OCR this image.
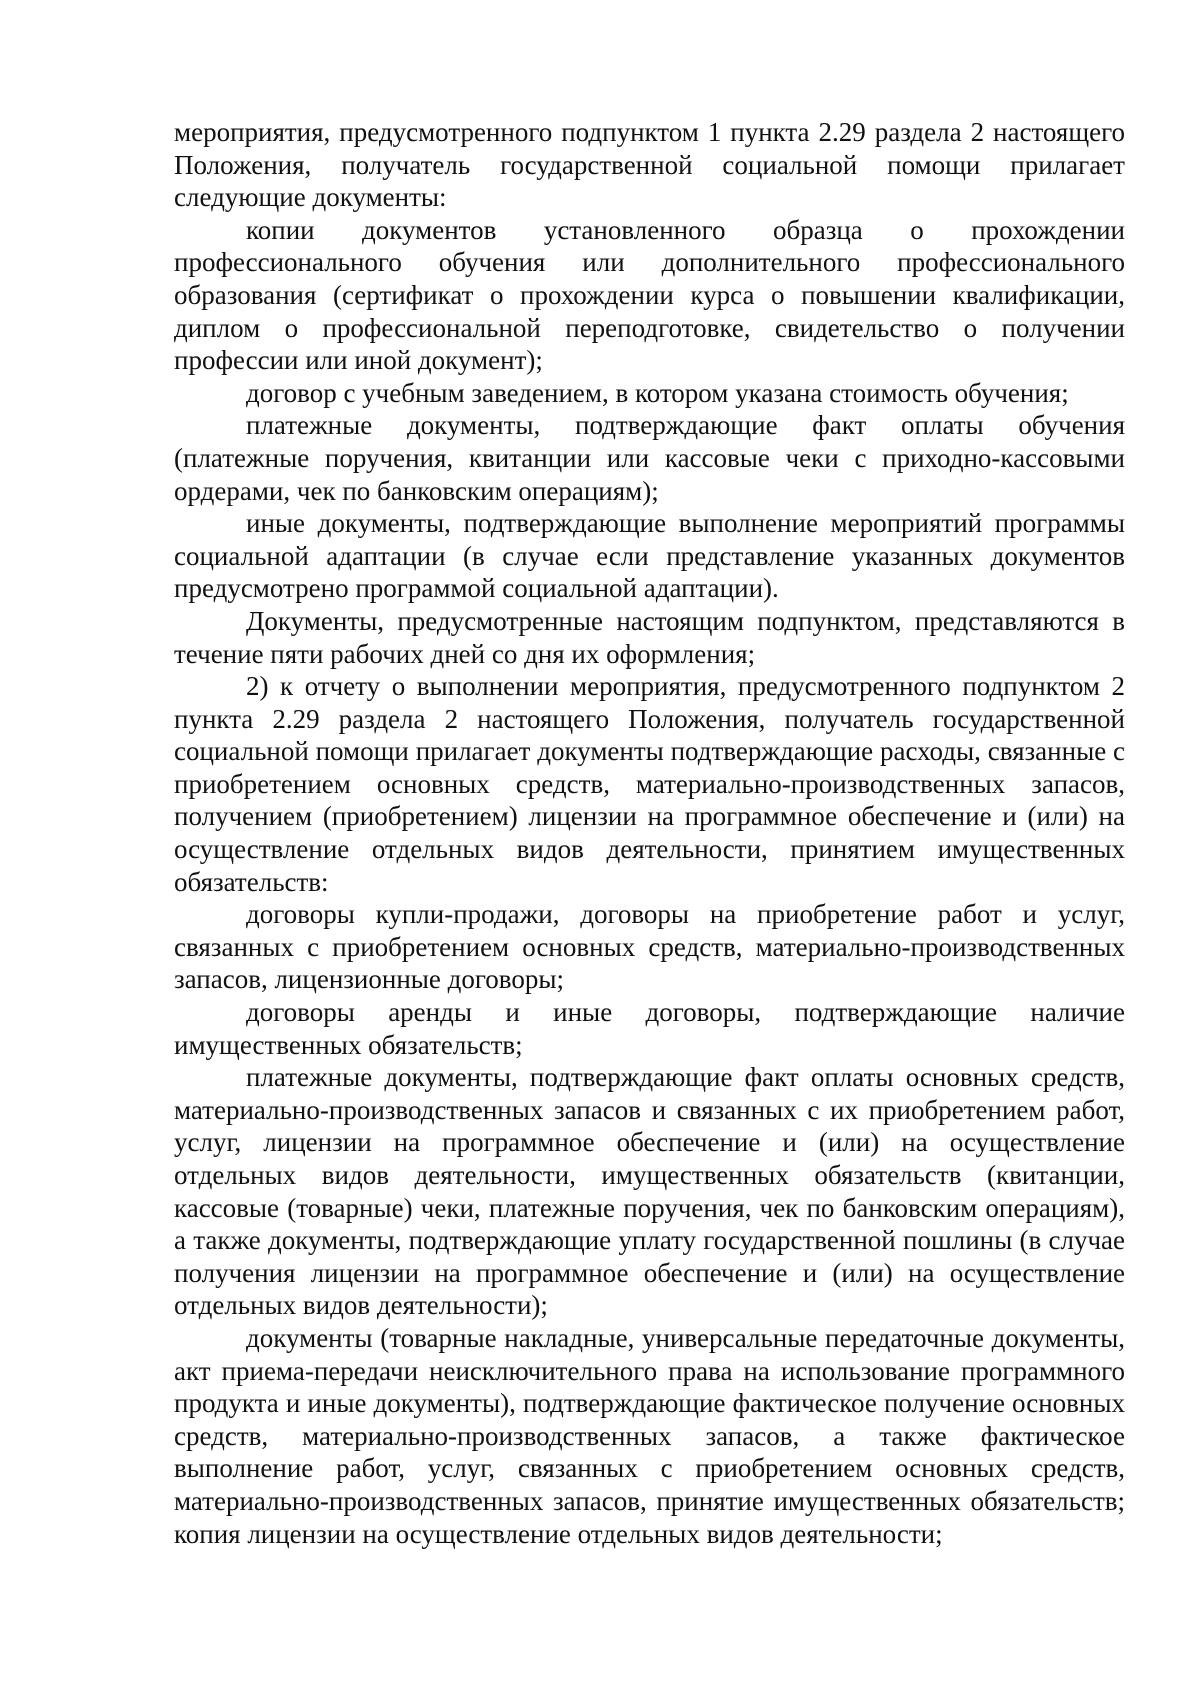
мероприятия, предусмотренного подпунктом 1 пункта 2.29 раздела 2 настоящего Положения, получатель государственной социальной помощи прилагает следующие документы:

копии документов установленного образца о прохождении профессионального обучения или дополнительного профессионального образования (сертификат о прохождении курса о повышении квалификации, диплом о профессиональной переподготовке, свидетельство о получении профессии или иной документ);

договор с учебным заведением, в котором указана стоимость обучения;

платежные документы, подтверждающие факт оплаты обучения (платежные поручения, квитанции или кассовые чеки с приходно-кассовыми ордерами, чек по банковским операциям);

иные документы, подтверждающие выполнение мероприятий программы социальной адаптации (в случае если представление указанных документов предусмотрено программой социальной адаптации).

Документы, предусмотренные настоящим подпунктом, представляются в течение пяти рабочих дней со дня их оформления;

2) к отчету о выполнении мероприятия, предусмотренного подпунктом 2 пункта 2.29 раздела 2 настоящего Положения, получатель государственной социальной помощи прилагает документы подтверждающие расходы, связанные с приобретением основных средств, материально-производственных запасов, получением (приобретением) лицензии на программное обеспечение и (или) на осуществление отдельных видов деятельности, принятием имущественных обязательств:

договоры купли-продажи, договоры на приобретение работ и услуг, связанных с приобретением основных средств, материально-производственных запасов, лицензионные договоры;

договоры аренды и иные договоры, подтверждающие наличие имущественных обязательств;

платежные документы, подтверждающие факт оплаты основных средств, материально-производственных запасов и связанных с их приобретением работ, услуг, лицензии на программное обеспечение и (или) на осуществление отдельных видов деятельности, имущественных обязательств (квитанции, кассовые (товарные) чеки, платежные поручения, чек по банковским операциям), а также документы, подтверждающие уплату государственной пошлины (в случае получения лицензии на программное обеспечение и (или) на осуществление отдельных видов деятельности);

документы (товарные накладные, универсальные передаточные документы, акт приема-передачи неисключительного права на использование программного продукта и иные документы), подтверждающие фактическое получение основных средств, материально-производственных запасов, а также фактическое выполнение работ, услуг, связанных с приобретением основных средств, материально-производственных запасов, принятие имущественных обязательств; копия лицензии на осуществление отдельных видов деятельности;
